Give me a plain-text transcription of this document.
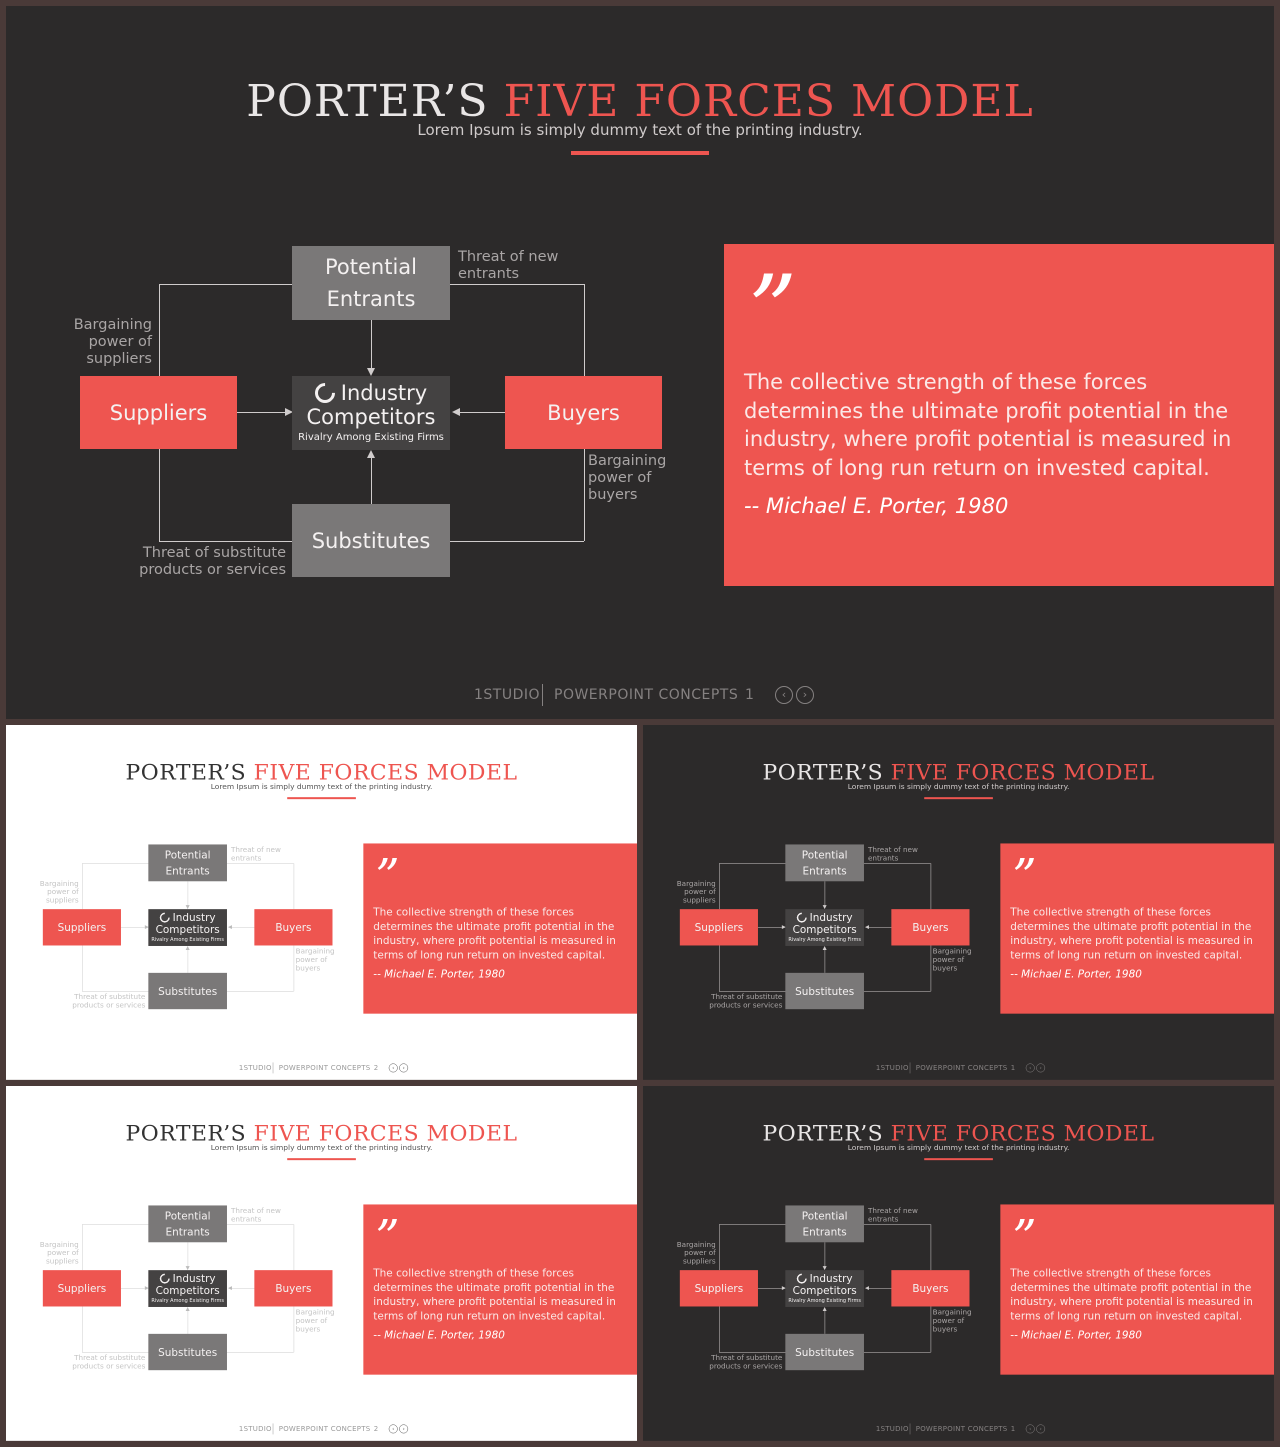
PORTER’S FIVE FORCES MODEL
Lorem Ipsum is simply dummy text of the printing industry.
Potential
Entrants
Suppliers	Buyers
Substitutes
Industry
Competitors
Rivalry Among Existing Firms
Threat of new
entrants
Bargaining
power of
suppliers
Bargaining
power of
buyers
Threat of substitute
products or services
”
The collective strength of these forces determines the ultimate profit potential in the industry, where profit potential is measured in terms of long run return on invested capital.
-- Michael E. Porter, 1980
1STUDIO POWERPOINT CONCEPTS 1	‹	›
PORTER’S FIVE FORCES MODEL
Lorem Ipsum is simply dummy text of the printing industry.
Potential
Entrants
Suppliers	Buyers
Substitutes
Industry
Competitors
Rivalry Among Existing Firms
Threat of new
entrants
Bargaining
power of
suppliers
Bargaining
power of
buyers
Threat of substitute
products or services
”
The collective strength of these forces determines the ultimate profit potential in the industry, where profit potential is measured in terms of long run return on invested capital.
-- Michael E. Porter, 1980
1STUDIO POWERPOINT CONCEPTS 2	‹ ›
PORTER’S FIVE FORCES MODEL
Lorem Ipsum is simply dummy text of the printing industry.
Potential
Entrants
Suppliers	Buyers
Substitutes
Industry
Competitors
Rivalry Among Existing Firms
Threat of new
entrants
Bargaining
power of
suppliers
Bargaining
power of
buyers
Threat of substitute
products or services
”
The collective strength of these forces determines the ultimate profit potential in the industry, where profit potential is measured in terms of long run return on invested capital.
-- Michael E. Porter, 1980
1STUDIO POWERPOINT CONCEPTS 1	‹ ›
PORTER’S FIVE FORCES MODEL
Lorem Ipsum is simply dummy text of the printing industry.
Potential
Entrants
Suppliers	Buyers
Substitutes
Industry
Competitors
Rivalry Among Existing Firms
Threat of new
entrants
Bargaining
power of
suppliers
Bargaining
power of
buyers
Threat of substitute
products or services
”
The collective strength of these forces determines the ultimate profit potential in the industry, where profit potential is measured in terms of long run return on invested capital.
-- Michael E. Porter, 1980
1STUDIO POWERPOINT CONCEPTS 2	‹ ›
PORTER’S FIVE FORCES MODEL
Lorem Ipsum is simply dummy text of the printing industry.
Potential
Entrants
Suppliers	Buyers
Substitutes
Industry
Competitors
Rivalry Among Existing Firms
Threat of new
entrants
Bargaining
power of
suppliers
Bargaining
power of
buyers
Threat of substitute
products or services
”
The collective strength of these forces determines the ultimate profit potential in the industry, where profit potential is measured in terms of long run return on invested capital.
-- Michael E. Porter, 1980
1STUDIO POWERPOINT CONCEPTS 1	‹ ›
